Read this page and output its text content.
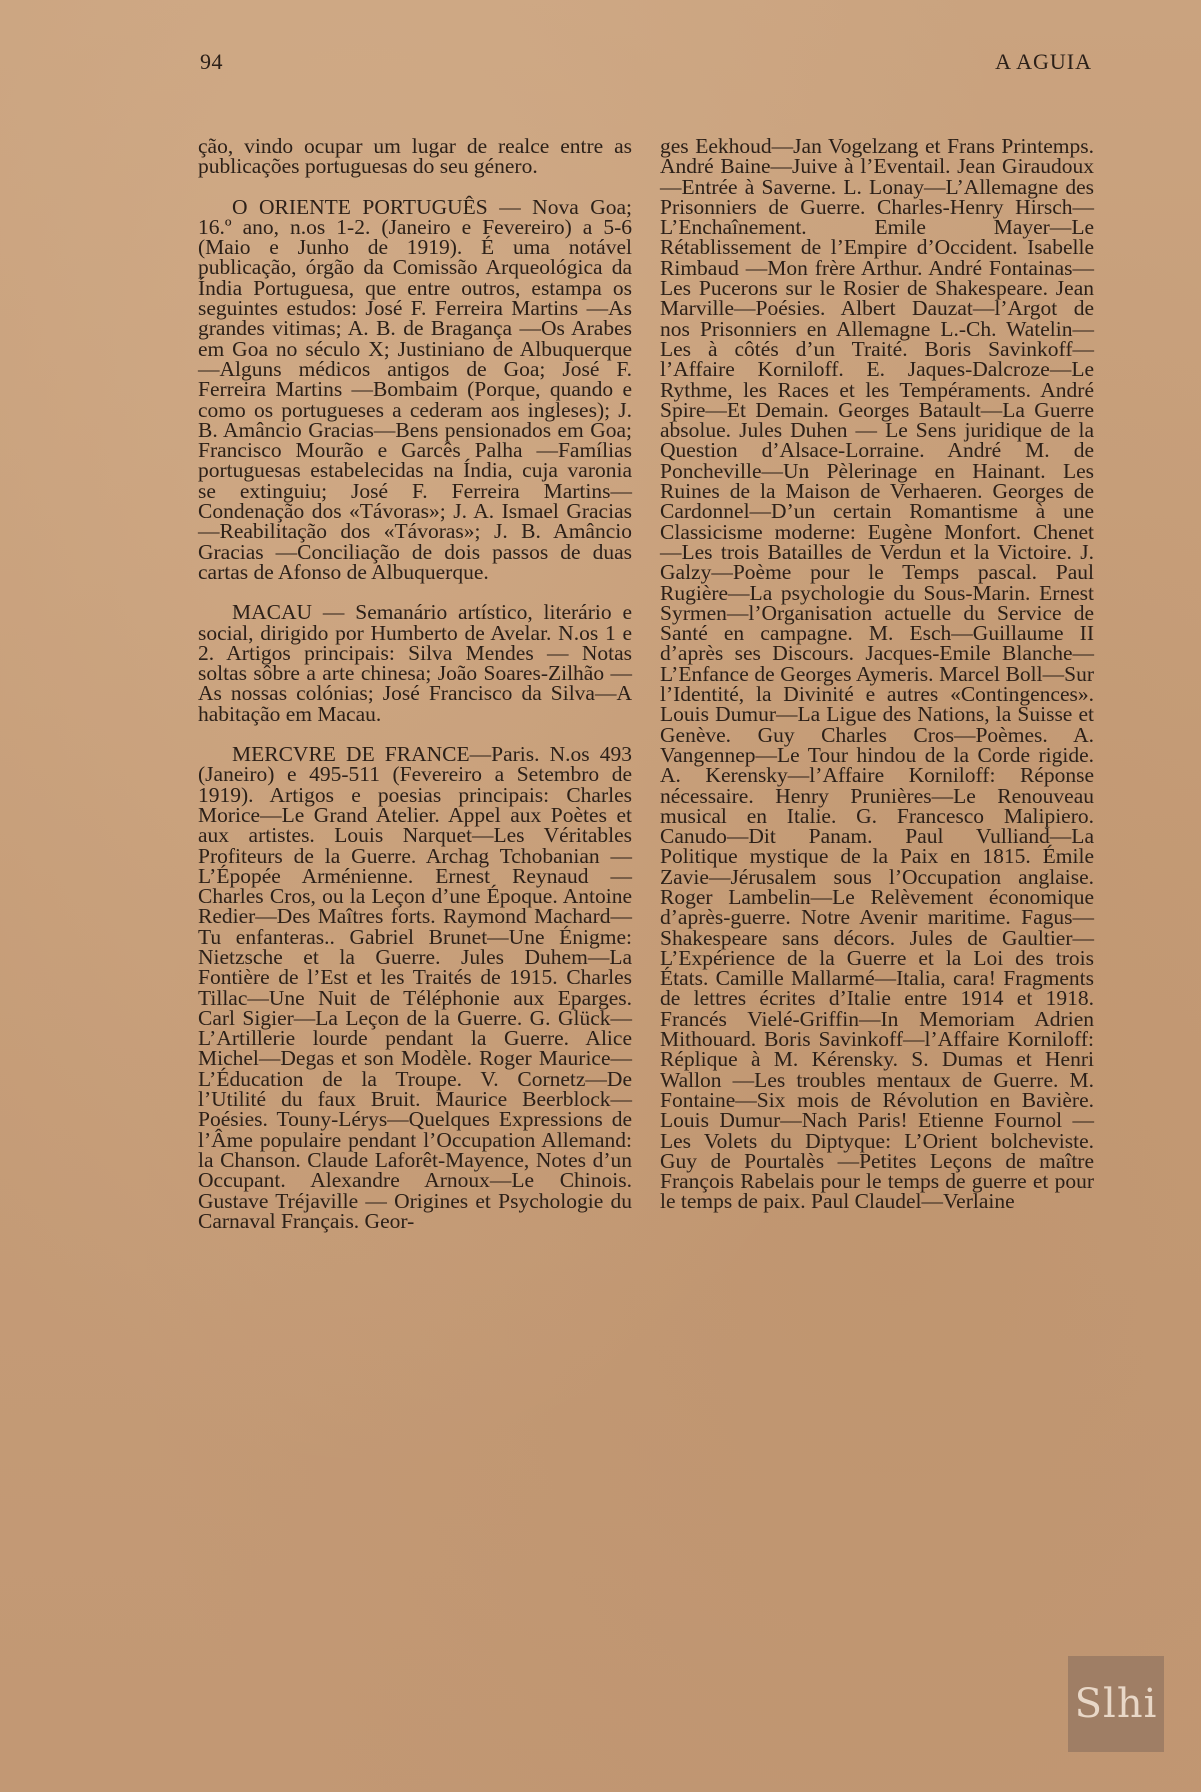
94	A AGUIA

ção, vindo ocupar um lugar de realce entre as publicações portuguesas do seu género.

O ORIENTE PORTUGUÊS — Nova Goa; 16.º ano, n.os 1-2. (Janeiro e Fevereiro) a 5-6 (Maio e Junho de 1919). É uma notável publicação, órgão da Comissão Arqueológica da Índia Portuguesa, que entre outros, estampa os seguintes estudos: José F. Ferreira Martins —As grandes vitimas; A. B. de Bragança —Os Arabes em Goa no século X; Justiniano de Albuquerque—Alguns médicos antigos de Goa; José F. Ferreira Martins —Bombaim (Porque, quando e como os portugueses a cederam aos ingleses); J. B. Amâncio Gracias—Bens pensionados em Goa; Francisco Mourão e Garcês Palha —Famílias portuguesas estabelecidas na Índia, cuja varonia se extinguiu; José F. Ferreira Martins—Condenação dos «Távoras»; J. A. Ismael Gracias—Reabilitação dos «Távoras»; J. B. Amâncio Gracias —Conciliação de dois passos de duas cartas de Afonso de Albuquerque.

MACAU — Semanário artístico, literário e social, dirigido por Humberto de Avelar. N.os 1 e 2. Artigos principais: Silva Mendes — Notas soltas sôbre a arte chinesa; João Soares-Zilhão — As nossas colónias; José Francisco da Silva—A habitação em Macau.

MERCVRE DE FRANCE—Paris. N.os 493 (Janeiro) e 495-511 (Fevereiro a Setembro de 1919). Artigos e poesias principais: Charles Morice—Le Grand Atelier. Appel aux Poètes et aux artistes. Louis Narquet—Les Véritables Profiteurs de la Guerre. Archag Tchobanian — L’Épopée Arménienne. Ernest Reynaud — Charles Cros, ou la Leçon d’une Époque. Antoine Redier—Des Maîtres forts. Raymond Machard—Tu enfanteras.. Gabriel Brunet—Une Énigme: Nietzsche et la Guerre. Jules Duhem—La Fontière de l’Est et les Traités de 1915. Charles Tillac—Une Nuit de Téléphonie aux Eparges. Carl Sigier—La Leçon de la Guerre. G. Glück—L’Artillerie lourde pendant la Guerre. Alice Michel—Degas et son Modèle. Roger Maurice—L’Éducation de la Troupe. V. Cornetz—De l’Utilité du faux Bruit. Maurice Beerblock—Poésies. Touny-Lérys—Quelques Expressions de l’Âme populaire pendant l’Occupation Allemand: la Chanson. Claude Laforêt-Mayence, Notes d’un Occupant. Alexandre Arnoux—Le Chinois. Gustave Tréjaville — Origines et Psychologie du Carnaval Français. Geor-

ges Eekhoud—Jan Vogelzang et Frans Printemps. André Baine—Juive à l’Eventail. Jean Giraudoux—Entrée à Saverne. L. Lonay—L’Allemagne des Prisonniers de Guerre. Charles-Henry Hirsch—L’Enchaînement. Emile Mayer—Le Rétablissement de l’Empire d’Occident. Isabelle Rimbaud —Mon frère Arthur. André Fontainas—Les Pucerons sur le Rosier de Shakespeare. Jean Marville—Poésies. Albert Dauzat—l’Argot de nos Prisonniers en Allemagne L.-Ch. Watelin—Les à côtés d’un Traité. Boris Savinkoff—l’Affaire Korniloff. E. Jaques-Dalcroze—Le Rythme, les Races et les Tempéraments. André Spire—Et Demain. Georges Batault—La Guerre absolue. Jules Duhen — Le Sens juridique de la Question d’Alsace-Lorraine. André M. de Poncheville—Un Pèlerinage en Hainant. Les Ruines de la Maison de Verhaeren. Georges de Cardonnel—D’un certain Romantisme à une Classicisme moderne: Eugène Monfort. Chenet —Les trois Batailles de Verdun et la Victoire. J. Galzy—Poème pour le Temps pascal. Paul Rugière—La psychologie du Sous-Marin. Ernest Syrmen—l’Organisation actuelle du Service de Santé en campagne. M. Esch—Guillaume II d’après ses Discours. Jacques-Emile Blanche—L’Enfance de Georges Aymeris. Marcel Boll—Sur l’Identité, la Divinité e autres «Contingences». Louis Dumur—La Ligue des Nations, la Suisse et Genève. Guy Charles Cros—Poèmes. A. Vangennep—Le Tour hindou de la Corde rigide. A. Kerensky—l’Affaire Korniloff: Réponse nécessaire. Henry Prunières—Le Renouveau musical en Italie. G. Francesco Malipiero. Canudo—Dit Panam. Paul Vulliand—La Politique mystique de la Paix en 1815. Émile Zavie—Jérusalem sous l’Occupation anglaise. Roger Lambelin—Le Relèvement économique d’après-guerre. Notre Avenir maritime. Fagus—Shakespeare sans décors. Jules de Gaultier—L’Expérience de la Guerre et la Loi des trois États. Camille Mallarmé—Italia, cara! Fragments de lettres écrites d’Italie entre 1914 et 1918. Francés Vielé-Griffin—In Memoriam Adrien Mithouard. Boris Savinkoff—l’Affaire Korniloff: Réplique à M. Kérensky. S. Dumas et Henri Wallon —Les troubles mentaux de Guerre. M. Fontaine—Six mois de Révolution en Bavière. Louis Dumur—Nach Paris! Etienne Fournol — Les Volets du Diptyque: L’Orient bolcheviste. Guy de Pourtalès —Petites Leçons de maître François Rabelais pour le temps de guerre et pour le temps de paix. Paul Claudel—Verlaine

Slhi
